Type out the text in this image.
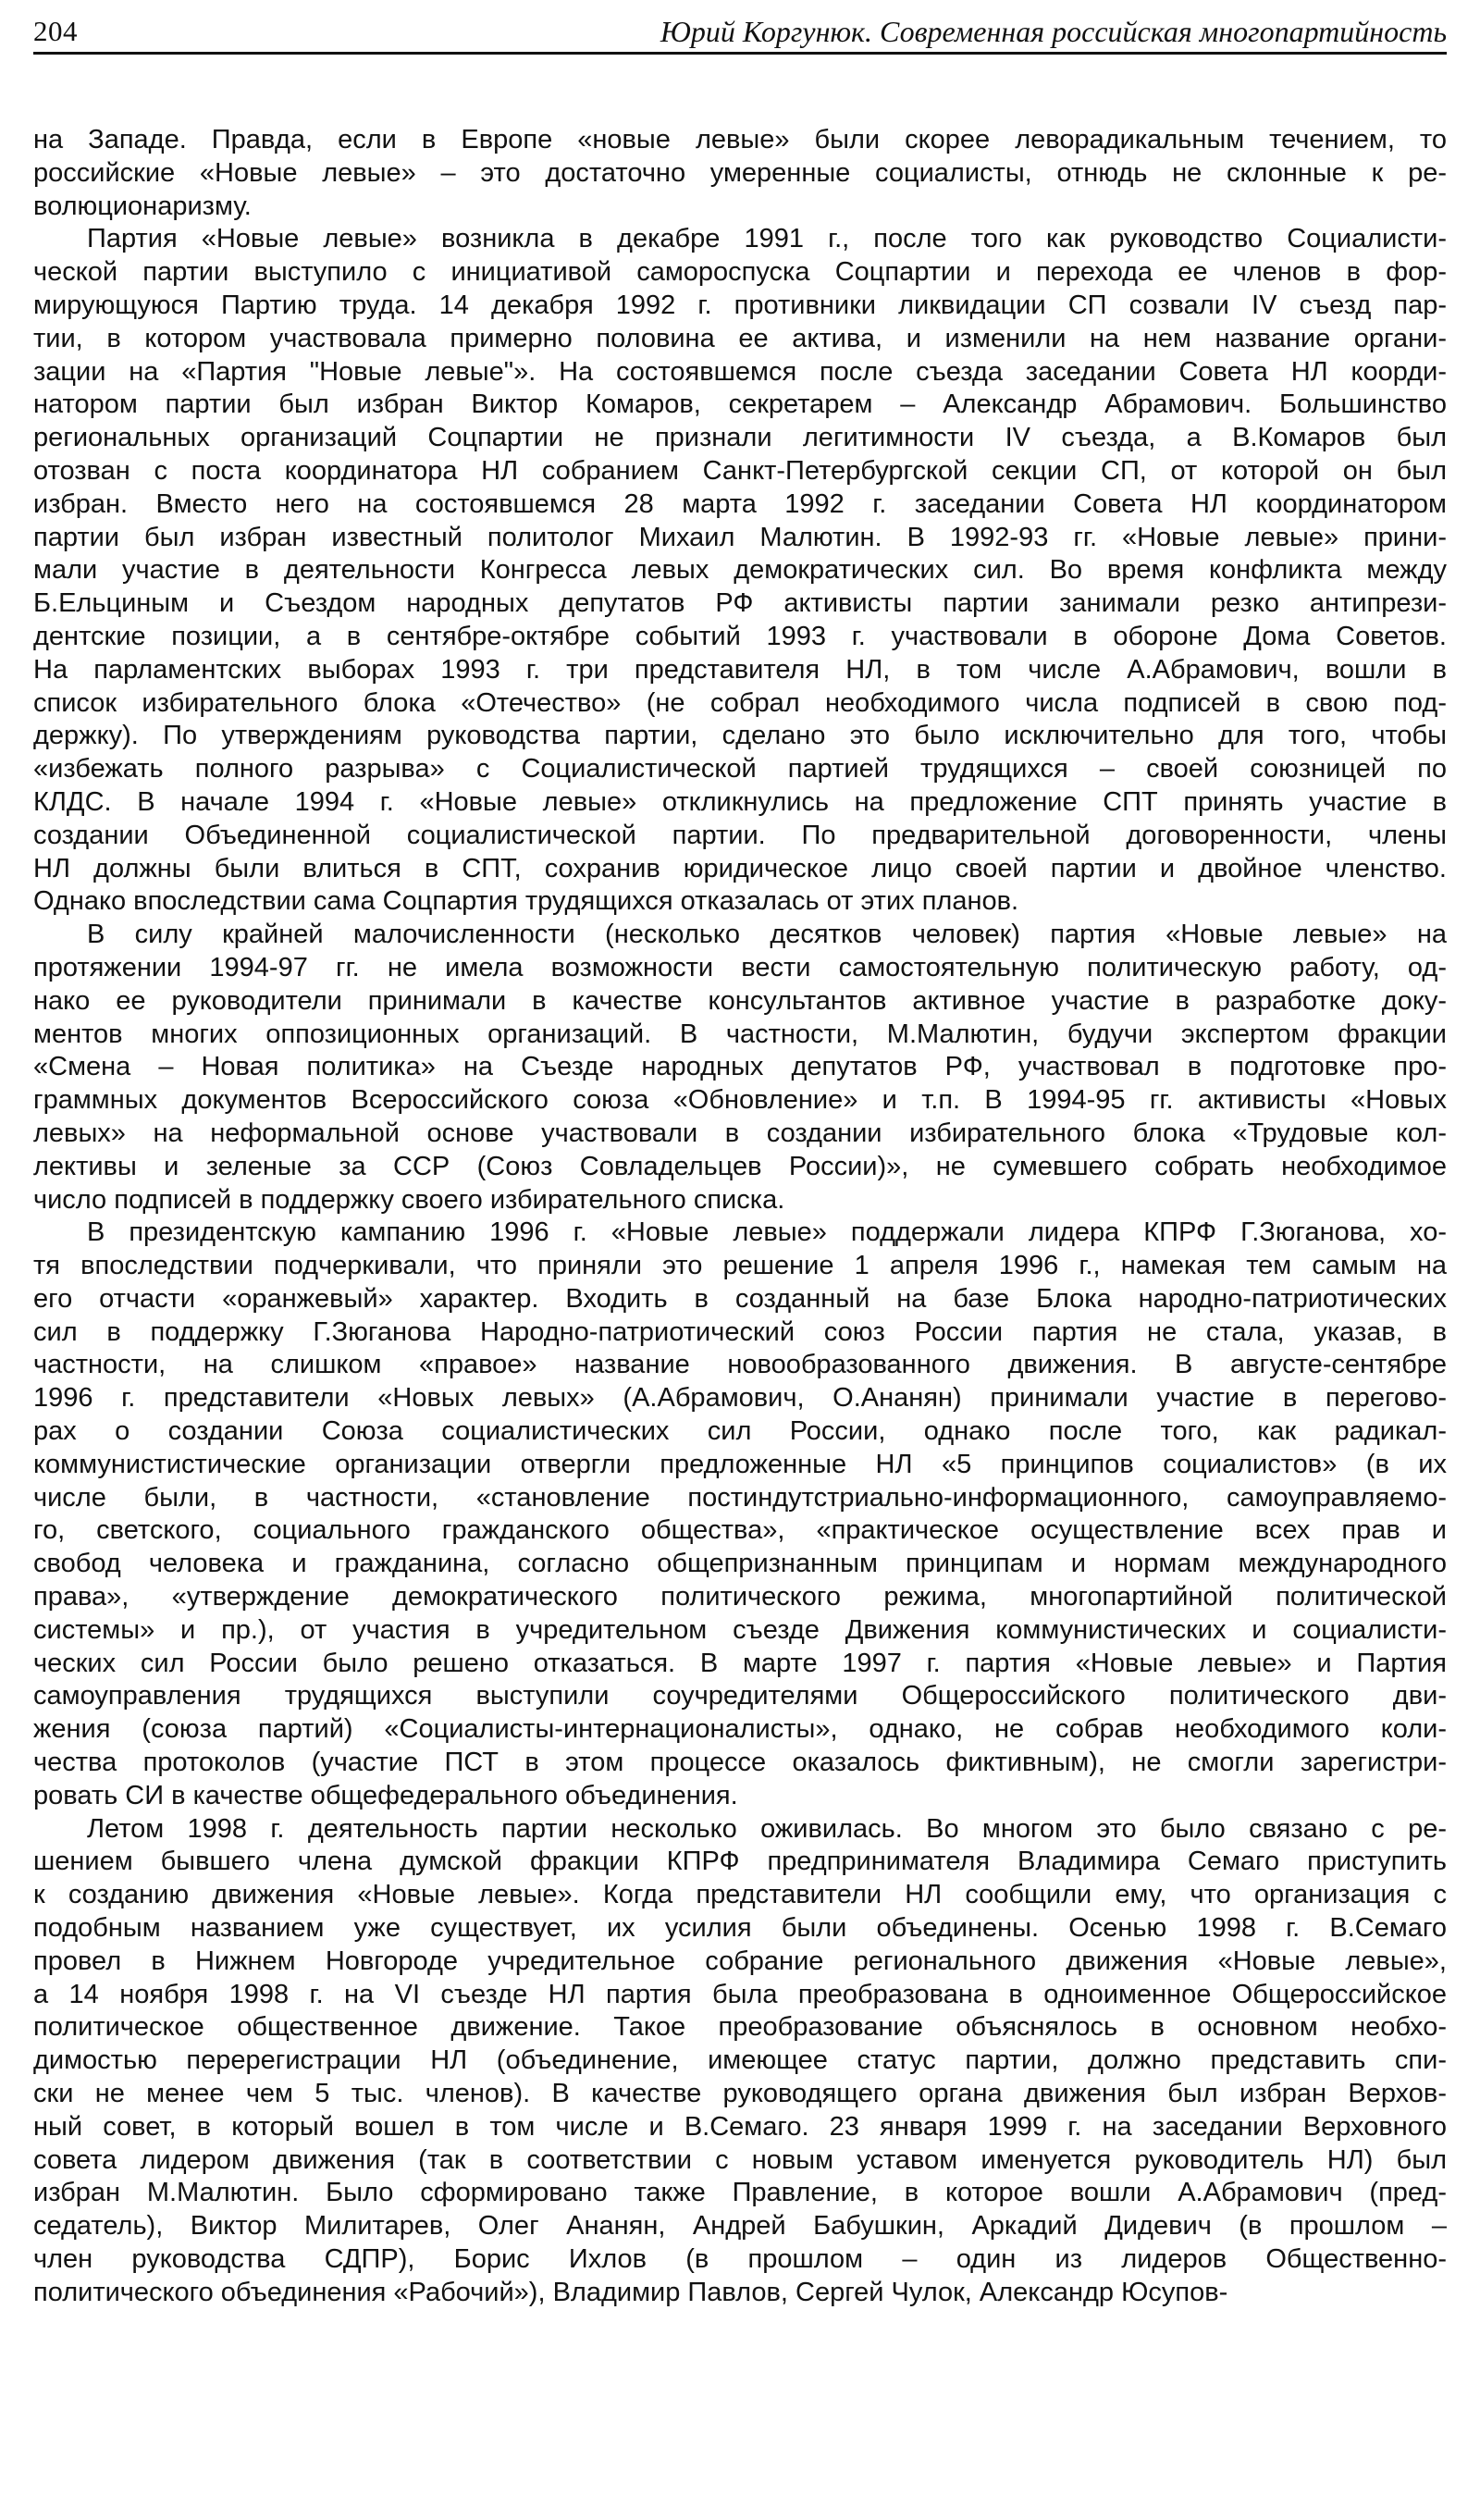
204	Юрий Коргунюк. Современная российская многопартийность

на Западе. Правда, если в Европе «новые левые» были скорее леворадикальным течением, то
российские «Новые левые» – это достаточно умеренные социалисты, отнюдь не склонные к ре-
волюционаризму.

Партия «Новые левые» возникла в декабре 1991 г., после того как руководство Социалисти-
ческой партии выступило с инициативой самороспуска Соцпартии и перехода ее членов в фор-
мирующуюся Партию труда. 14 декабря 1992 г. противники ликвидации СП созвали IV съезд пар-
тии, в котором участвовала примерно половина ее актива, и изменили на нем название органи-
зации на «Партия "Новые левые"». На состоявшемся после съезда заседании Совета НЛ коорди-
натором партии был избран Виктор Комаров, секретарем – Александр Абрамович. Большинство
региональных организаций Соцпартии не признали легитимности IV съезда, а В.Комаров был
отозван с поста координатора НЛ собранием Санкт-Петербургской секции СП, от которой он был
избран. Вместо него на состоявшемся 28 марта 1992 г. заседании Совета НЛ координатором
партии был избран известный политолог Михаил Малютин. В 1992-93 гг. «Новые левые» прини-
мали участие в деятельности Конгресса левых демократических сил. Во время конфликта между
Б.Ельциным и Съездом народных депутатов РФ активисты партии занимали резко антипрези-
дентские позиции, а в сентябре-октябре событий 1993 г. участвовали в обороне Дома Советов.
На парламентских выборах 1993 г. три представителя НЛ, в том числе А.Абрамович, вошли в
список избирательного блока «Отечество» (не собрал необходимого числа подписей в свою под-
держку). По утверждениям руководства партии, сделано это было исключительно для того, чтобы
«избежать полного разрыва» с Социалистической партией трудящихся – своей союзницей по
КЛДС. В начале 1994 г. «Новые левые» откликнулись на предложение СПТ принять участие в
создании Объединенной социалистической партии. По предварительной договоренности, члены
НЛ должны были влиться в СПТ, сохранив юридическое лицо своей партии и двойное членство.
Однако впоследствии сама Соцпартия трудящихся отказалась от этих планов.

В силу крайней малочисленности (несколько десятков человек) партия «Новые левые» на
протяжении 1994-97 гг. не имела возможности вести самостоятельную политическую работу, од-
нако ее руководители принимали в качестве консультантов активное участие в разработке доку-
ментов многих оппозиционных организаций. В частности, М.Малютин, будучи экспертом фракции
«Смена – Новая политика» на Съезде народных депутатов РФ, участвовал в подготовке про-
граммных документов Всероссийского союза «Обновление» и т.п. В 1994-95 гг. активисты «Новых
левых» на неформальной основе участвовали в создании избирательного блока «Трудовые кол-
лективы и зеленые за ССР (Союз Совладельцев России)», не сумевшего собрать необходимое
число подписей в поддержку своего избирательного списка.

В президентскую кампанию 1996 г. «Новые левые» поддержали лидера КПРФ Г.Зюганова, хо-
тя впоследствии подчеркивали, что приняли это решение 1 апреля 1996 г., намекая тем самым на
его отчасти «оранжевый» характер. Входить в созданный на базе Блока народно-патриотических
сил в поддержку Г.Зюганова Народно-патриотический союз России партия не стала, указав, в
частности, на слишком «правое» название новообразованного движения. В августе-сентябре
1996 г. представители «Новых левых» (А.Абрамович, О.Ананян) принимали участие в перегово-
рах о создании Союза социалистических сил России, однако после того, как радикал-
коммунистистические организации отвергли предложенные НЛ «5 принципов социалистов» (в их
числе были, в частности, «становление постиндутстриально-информационного, самоуправляемо-
го, светского, социального гражданского общества», «практическое осуществление всех прав и
свобод человека и гражданина, согласно общепризнанным принципам и нормам международного
права», «утверждение демократического политического режима, многопартийной политической
системы» и пр.), от участия в учредительном съезде Движения коммунистических и социалисти-
ческих сил России было решено отказаться. В марте 1997 г. партия «Новые левые» и Партия
самоуправления трудящихся выступили соучредителями Общероссийского политического дви-
жения (союза партий) «Социалисты-интернационалисты», однако, не собрав необходимого коли-
чества протоколов (участие ПСТ в этом процессе оказалось фиктивным), не смогли зарегистри-
ровать СИ в качестве общефедерального объединения.

Летом 1998 г. деятельность партии несколько оживилась. Во многом это было связано с ре-
шением бывшего члена думской фракции КПРФ предпринимателя Владимира Семаго приступить
к созданию движения «Новые левые». Когда представители НЛ сообщили ему, что организация с
подобным названием уже существует, их усилия были объединены. Осенью 1998 г. В.Семаго
провел в Нижнем Новгороде учредительное собрание регионального движения «Новые левые»,
а 14 ноября 1998 г. на VI съезде НЛ партия была преобразована в одноименное Общероссийское
политическое общественное движение. Такое преобразование объяснялось в основном необхо-
димостью перерегистрации НЛ (объединение, имеющее статус партии, должно представить спи-
ски не менее чем 5 тыс. членов). В качестве руководящего органа движения был избран Верхов-
ный совет, в который вошел в том числе и В.Семаго. 23 января 1999 г. на заседании Верховного
совета лидером движения (так в соответствии с новым уставом именуется руководитель НЛ) был
избран М.Малютин. Было сформировано также Правление, в которое вошли А.Абрамович (пред-
седатель), Виктор Милитарев, Олег Ананян, Андрей Бабушкин, Аркадий Дидевич (в прошлом –
член руководства СДПР), Борис Ихлов (в прошлом – один из лидеров Общественно-
политического объединения «Рабочий»), Владимир Павлов, Сергей Чулок, Александр Юсупов-
